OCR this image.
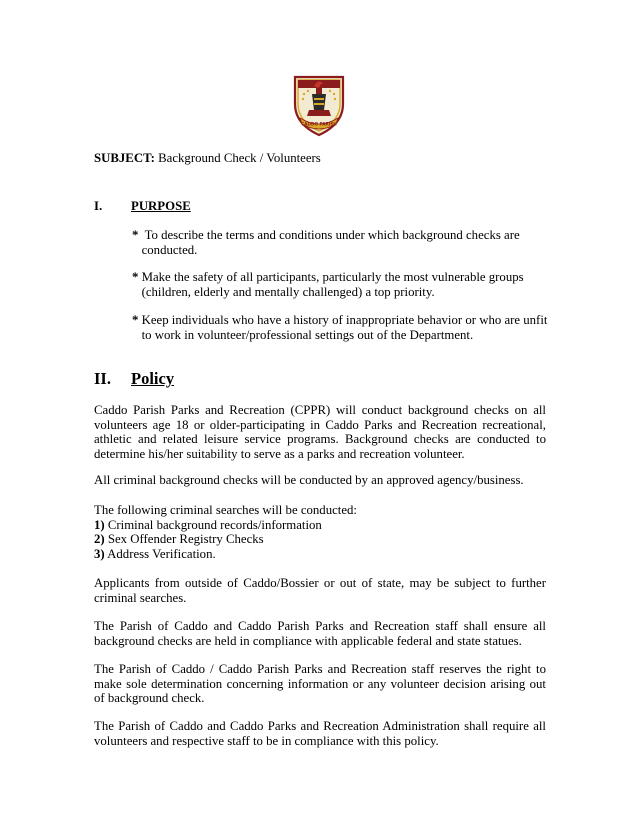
CADDO PARISH
SUBJECT: Background Check / Volunteers
I. PURPOSE
*  To describe the terms and conditions under which background checks are
conducted.
* Make the safety of all participants, particularly the most vulnerable groups
(children, elderly and mentally challenged) a top priority.
* Keep individuals who have a history of inappropriate behavior or who are unfit
to work in volunteer/professional settings out of the Department.
II. Policy
Caddo Parish Parks and Recreation (CPPR) will conduct background checks on all volunteers age 18 or older-participating in Caddo Parks and Recreation recreational, athletic and related leisure service programs. Background checks are conducted to determine his/her suitability to serve as a parks and recreation volunteer.
All criminal background checks will be conducted by an approved agency/business.
The following criminal searches will be conducted:
1) Criminal background records/information
2) Sex Offender Registry Checks
3) Address Verification.
Applicants from outside of Caddo/Bossier or out of state, may be subject to further criminal searches.
The Parish of Caddo and Caddo Parish Parks and Recreation staff shall ensure all background checks are held in compliance with applicable federal and state statues.
The Parish of Caddo / Caddo Parish Parks and Recreation staff reserves the right to make sole determination concerning information or any volunteer decision arising out of background check.
The Parish of Caddo and Caddo Parks and Recreation Administration shall require all volunteers and respective staff to be in compliance with this policy.
